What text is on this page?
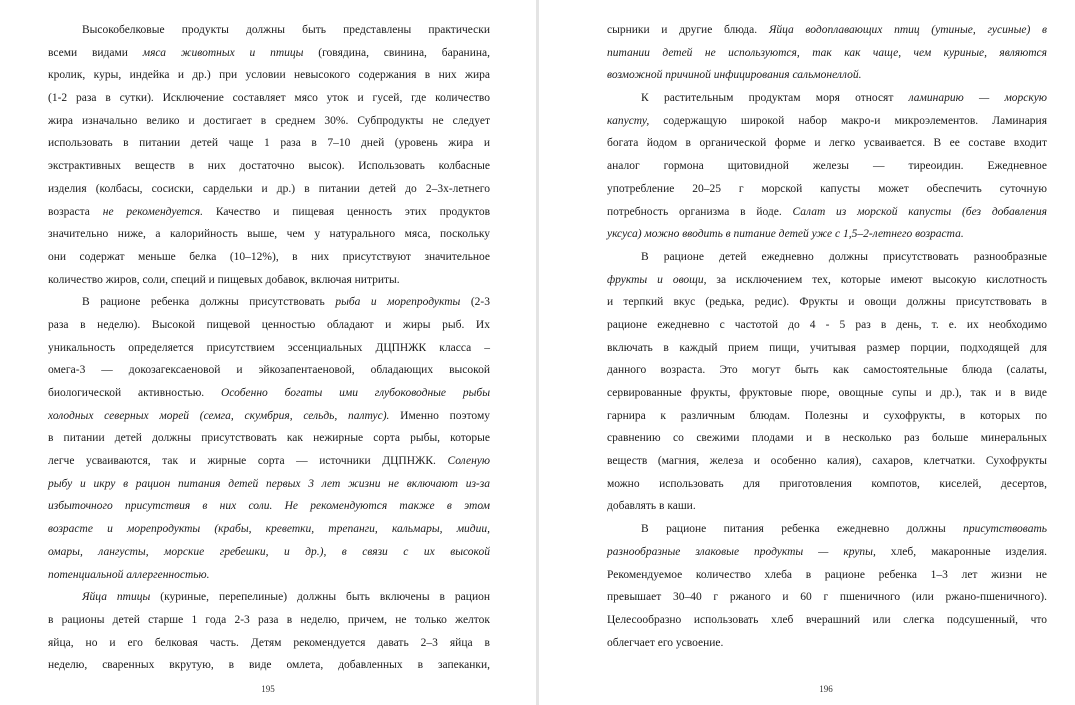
Высокобелковые продукты должны быть представлены практически
всеми видами мяса животных и птицы (говядина, свинина, баранина,
кролик, куры, индейка и др.) при условии невысокого содержания в них жира
(1-2 раза в сутки). Исключение составляет мясо уток и гусей, где количество
жира изначально велико и достигает в среднем 30%. Субпродукты не следует
использовать в питании детей чаще 1 раза в 7–10 дней (уровень жира и
экстрактивных веществ в них достаточно высок). Использовать колбасные
изделия (колбасы, сосиски, сардельки и др.) в питании детей до 2–3х-летнего
возраста не рекомендуется. Качество и пищевая ценность этих продуктов
значительно ниже, а калорийность выше, чем у натурального мяса, поскольку
они содержат меньше белка (10–12%), в них присутствуют значительное
количество жиров, соли, специй и пищевых добавок, включая нитриты.
В рационе ребенка должны присутствовать рыба и морепродукты (2-3
раза в неделю). Высокой пищевой ценностью обладают и жиры рыб. Их
уникальность определяется присутствием эссенциальных ДЦПНЖК класса –
омега-3 — докозагексаеновой и эйкозапентаеновой, обладающих высокой
биологической активностью. Особенно богаты ими глубоководные рыбы
холодных северных морей (семга, скумбрия, сельдь, палтус). Именно поэтому
в питании детей должны присутствовать как нежирные сорта рыбы, которые
легче усваиваются, так и жирные сорта — источники ДЦПНЖК. Соленую
рыбу и икру в рацион питания детей первых 3 лет жизни не включают из-за
избыточного присутствия в них соли. Не рекомендуются также в этом
возрасте и морепродукты (крабы, креветки, трепанги, кальмары, мидии,
омары, лангусты, морские гребешки, и др.), в связи с их высокой
потенциальной аллергенностью.
Яйца птицы (куриные, перепелиные) должны быть включены в рацион
в рационы детей старше 1 года 2-3 раза в неделю, причем, не только желток
яйца, но и его белковая часть. Детям рекомендуется давать 2–3 яйца в
неделю, сваренных вкрутую, в виде омлета, добавленных в запеканки,
195
сырники и другие блюда. Яйца водоплавающих птиц (утиные, гусиные) в
питании детей не используются, так как чаще, чем куриные, являются
возможной причиной инфицирования сальмонеллой.
К растительным продуктам моря относят ламинарию — морскую
капусту, содержащую широкой набор макро-и микроэлементов. Ламинария
богата йодом в органической форме и легко усваивается. В ее составе входит
аналог гормона щитовидной железы — тиреоидин. Ежедневное
употребление 20–25 г морской капусты может обеспечить суточную
потребность организма в йоде. Салат из морской капусты (без добавления
уксуса) можно вводить в питание детей уже с 1,5–2-летнего возраста.
В рационе детей ежедневно должны присутствовать разнообразные
фрукты и овощи, за исключением тех, которые имеют высокую кислотность
и терпкий вкус (редька, редис). Фрукты и овощи должны присутствовать в
рационе ежедневно с частотой до 4 - 5 раз в день, т. е. их необходимо
включать в каждый прием пищи, учитывая размер порции, подходящей для
данного возраста. Это могут быть как самостоятельные блюда (салаты,
сервированные фрукты, фруктовые пюре, овощные супы и др.), так и в виде
гарнира к различным блюдам. Полезны и сухофрукты, в которых по
сравнению со свежими плодами и в несколько раз больше минеральных
веществ (магния, железа и особенно калия), сахаров, клетчатки. Сухофрукты
можно использовать для приготовления компотов, киселей, десертов,
добавлять в каши.
В рационе питания ребенка ежедневно должны присутствовать
разнообразные злаковые продукты — крупы, хлеб, макаронные изделия.
Рекомендуемое количество хлеба в рационе ребенка 1–3 лет жизни не
превышает 30–40 г ржаного и 60 г пшеничного (или ржано-пшеничного).
Целесообразно использовать хлеб вчерашний или слегка подсушенный, что
облегчает его усвоение.
196
